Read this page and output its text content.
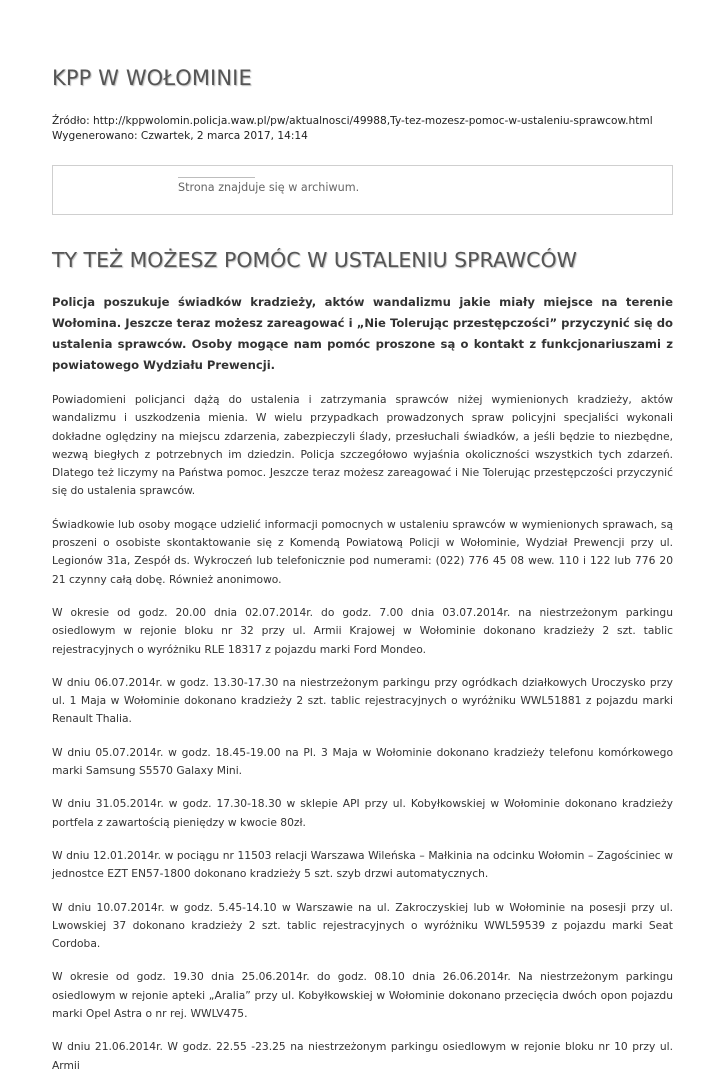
KPP W WOŁOMINIE
Źródło: http://kppwolomin.policja.waw.pl/pw/aktualnosci/49988,Ty-tez-mozesz-pomoc-w-ustaleniu-sprawcow.html
Wygenerowano: Czwartek, 2 marca 2017, 14:14
Strona znajduje się w archiwum.
TY TEŻ MOŻESZ POMÓC W USTALENIU SPRAWCÓW

Policja poszukuje świadków kradzieży, aktów wandalizmu jakie miały miejsce na terenie Wołomina. Jeszcze teraz możesz zareagować i „Nie Tolerując przestępczości” przyczynić się do ustalenia sprawców. Osoby mogące nam pomóc proszone są o kontakt z funkcjonariuszami z powiatowego Wydziału Prewencji.

Powiadomieni policjanci dążą do ustalenia i zatrzymania sprawców niżej wymienionych kradzieży, aktów wandalizmu i uszkodzenia mienia. W wielu przypadkach prowadzonych spraw policyjni specjaliści wykonali dokładne oględziny na miejscu zdarzenia, zabezpieczyli ślady, przesłuchali świadków, a jeśli będzie to niezbędne, wezwą biegłych z potrzebnych im dziedzin. Policja szczegółowo wyjaśnia okoliczności wszystkich tych zdarzeń. Dlatego też liczymy na Państwa pomoc. Jeszcze teraz możesz zareagować i Nie Tolerując przestępczości przyczynić się do ustalenia sprawców.

Świadkowie lub osoby mogące udzielić informacji pomocnych w ustaleniu sprawców w wymienionych sprawach, są proszeni o osobiste skontaktowanie się z Komendą Powiatową Policji w Wołominie, Wydział Prewencji przy ul. Legionów 31a, Zespół ds. Wykroczeń lub telefonicznie pod numerami: (022) 776 45 08 wew. 110 i 122 lub 776 20 21 czynny całą dobę. Również anonimowo.

W okresie od godz. 20.00 dnia 02.07.2014r. do godz. 7.00 dnia 03.07.2014r. na niestrzeżonym parkingu osiedlowym w rejonie bloku nr 32 przy ul. Armii Krajowej w Wołominie dokonano kradzieży 2 szt. tablic rejestracyjnych o wyróżniku RLE 18317 z pojazdu marki Ford Mondeo.

W dniu 06.07.2014r. w godz. 13.30-17.30 na niestrzeżonym parkingu przy ogródkach działkowych Uroczysko przy ul. 1 Maja w Wołominie dokonano kradzieży 2 szt. tablic rejestracyjnych o wyróżniku WWL51881 z pojazdu marki Renault Thalia.

W dniu 05.07.2014r. w godz. 18.45-19.00 na Pl. 3 Maja w Wołominie dokonano kradzieży telefonu komórkowego marki Samsung S5570 Galaxy Mini.

W dniu 31.05.2014r. w godz. 17.30-18.30 w sklepie API przy ul. Kobyłkowskiej w Wołominie dokonano kradzieży portfela z zawartością pieniędzy w kwocie 80zł.

W dniu 12.01.2014r. w pociągu nr 11503 relacji Warszawa Wileńska – Małkinia na odcinku Wołomin – Zagościniec w jednostce EZT EN57-1800 dokonano kradzieży 5 szt. szyb drzwi automatycznych.

W dniu 10.07.2014r. w godz. 5.45-14.10 w Warszawie na ul. Zakroczyskiej lub w Wołominie na posesji przy ul. Lwowskiej 37 dokonano kradzieży 2 szt. tablic rejestracyjnych o wyróżniku WWL59539 z pojazdu marki Seat Cordoba.

W okresie od godz. 19.30 dnia 25.06.2014r. do godz. 08.10 dnia 26.06.2014r. Na niestrzeżonym parkingu osiedlowym w rejonie apteki „Aralia” przy ul. Kobyłkowskiej w Wołominie dokonano przecięcia dwóch opon pojazdu marki Opel Astra o nr rej. WWLV475.

W dniu 21.06.2014r. W godz. 22.55 -23.25 na niestrzeżonym parkingu osiedlowym w rejonie bloku nr 10 przy ul. Armii
